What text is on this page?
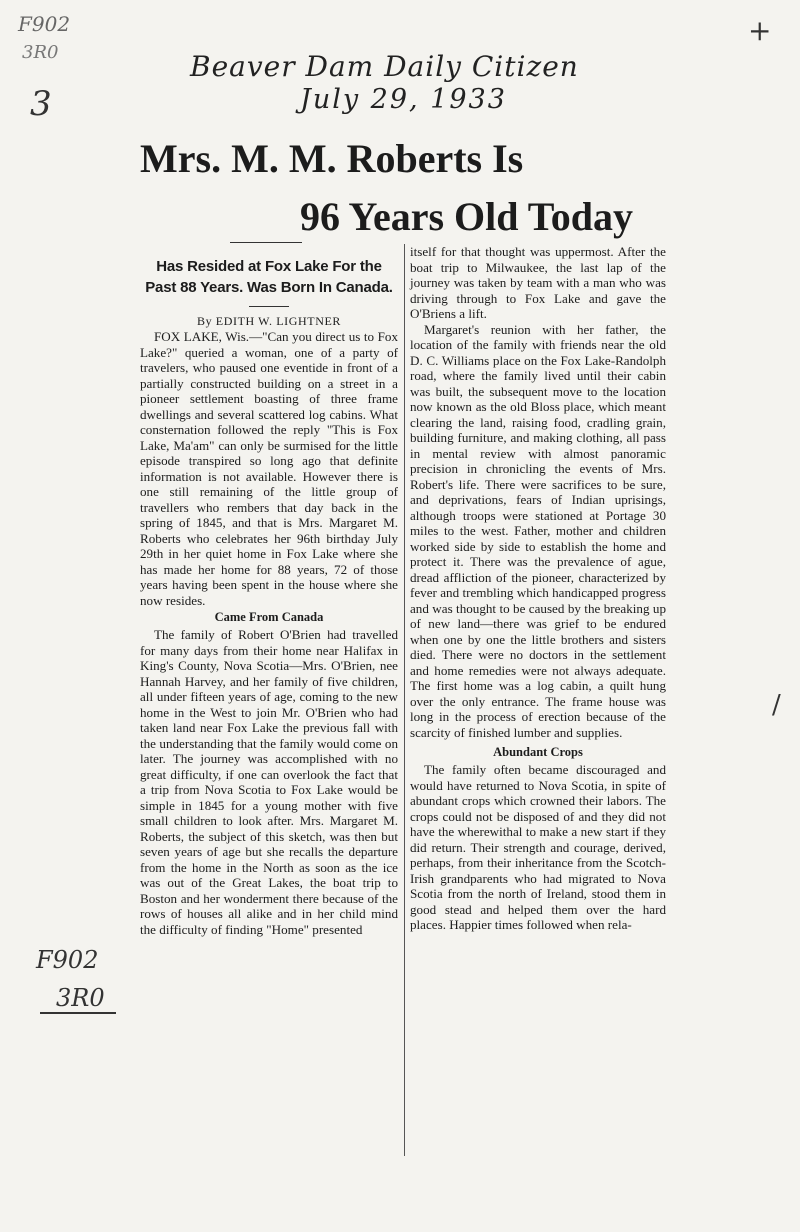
F902
3R0
3
+
F902
3R0
/
Beaver Dam Daily Citizen
July 29, 1933
Mrs. M. M. Roberts Is
96 Years Old Today
Has Resided at Fox Lake For the Past 88 Years. Was Born In Canada.
By EDITH W. LIGHTNER

FOX LAKE, Wis.—"Can you direct us to Fox Lake?" queried a woman, one of a party of travelers, who paused one eventide in front of a partially constructed building on a street in a pioneer settlement boasting of three frame dwellings and several scattered log cabins. What consternation followed the reply "This is Fox Lake, Ma'am" can only be surmised for the little episode transpired so long ago that definite information is not available. However there is one still remaining of the little group of travellers who rembers that day back in the spring of 1845, and that is Mrs. Margaret M. Roberts who celebrates her 96th birthday July 29th in her quiet home in Fox Lake where she has made her home for 88 years, 72 of those years having been spent in the house where she now resides.

Came From Canada

The family of Robert O'Brien had travelled for many days from their home near Halifax in King's County, Nova Scotia—Mrs. O'Brien, nee Hannah Harvey, and her family of five children, all under fifteen years of age, coming to the new home in the West to join Mr. O'Brien who had taken land near Fox Lake the previous fall with the understanding that the family would come on later. The journey was accomplished with no great difficulty, if one can overlook the fact that a trip from Nova Scotia to Fox Lake would be simple in 1845 for a young mother with five small children to look after. Mrs. Margaret M. Roberts, the subject of this sketch, was then but seven years of age but she recalls the departure from the home in the North as soon as the ice was out of the Great Lakes, the boat trip to Boston and her wonderment there because of the rows of houses all alike and in her child mind the difficulty of finding "Home" presented

itself for that thought was uppermost. After the boat trip to Milwaukee, the last lap of the journey was taken by team with a man who was driving through to Fox Lake and gave the O'Briens a lift.

Margaret's reunion with her father, the location of the family with friends near the old D. C. Williams place on the Fox Lake-Randolph road, where the family lived until their cabin was built, the subsequent move to the location now known as the old Bloss place, which meant clearing the land, raising food, cradling grain, building furniture, and making clothing, all pass in mental review with almost panoramic precision in chronicling the events of Mrs. Robert's life. There were sacrifices to be sure, and deprivations, fears of Indian uprisings, although troops were stationed at Portage 30 miles to the west. Father, mother and children worked side by side to establish the home and protect it. There was the prevalence of ague, dread affliction of the pioneer, characterized by fever and trembling which handicapped progress and was thought to be caused by the breaking up of new land—there was grief to be endured when one by one the little brothers and sisters died. There were no doctors in the settlement and home remedies were not always adequate. The first home was a log cabin, a quilt hung over the only entrance. The frame house was long in the process of erection because of the scarcity of finished lumber and supplies.

Abundant Crops

The family often became discouraged and would have returned to Nova Scotia, in spite of abundant crops which crowned their labors. The crops could not be disposed of and they did not have the wherewithal to make a new start if they did return. Their strength and courage, derived, perhaps, from their inheritance from the Scotch-Irish grandparents who had migrated to Nova Scotia from the north of Ireland, stood them in good stead and helped them over the hard places. Happier times followed when rela-
